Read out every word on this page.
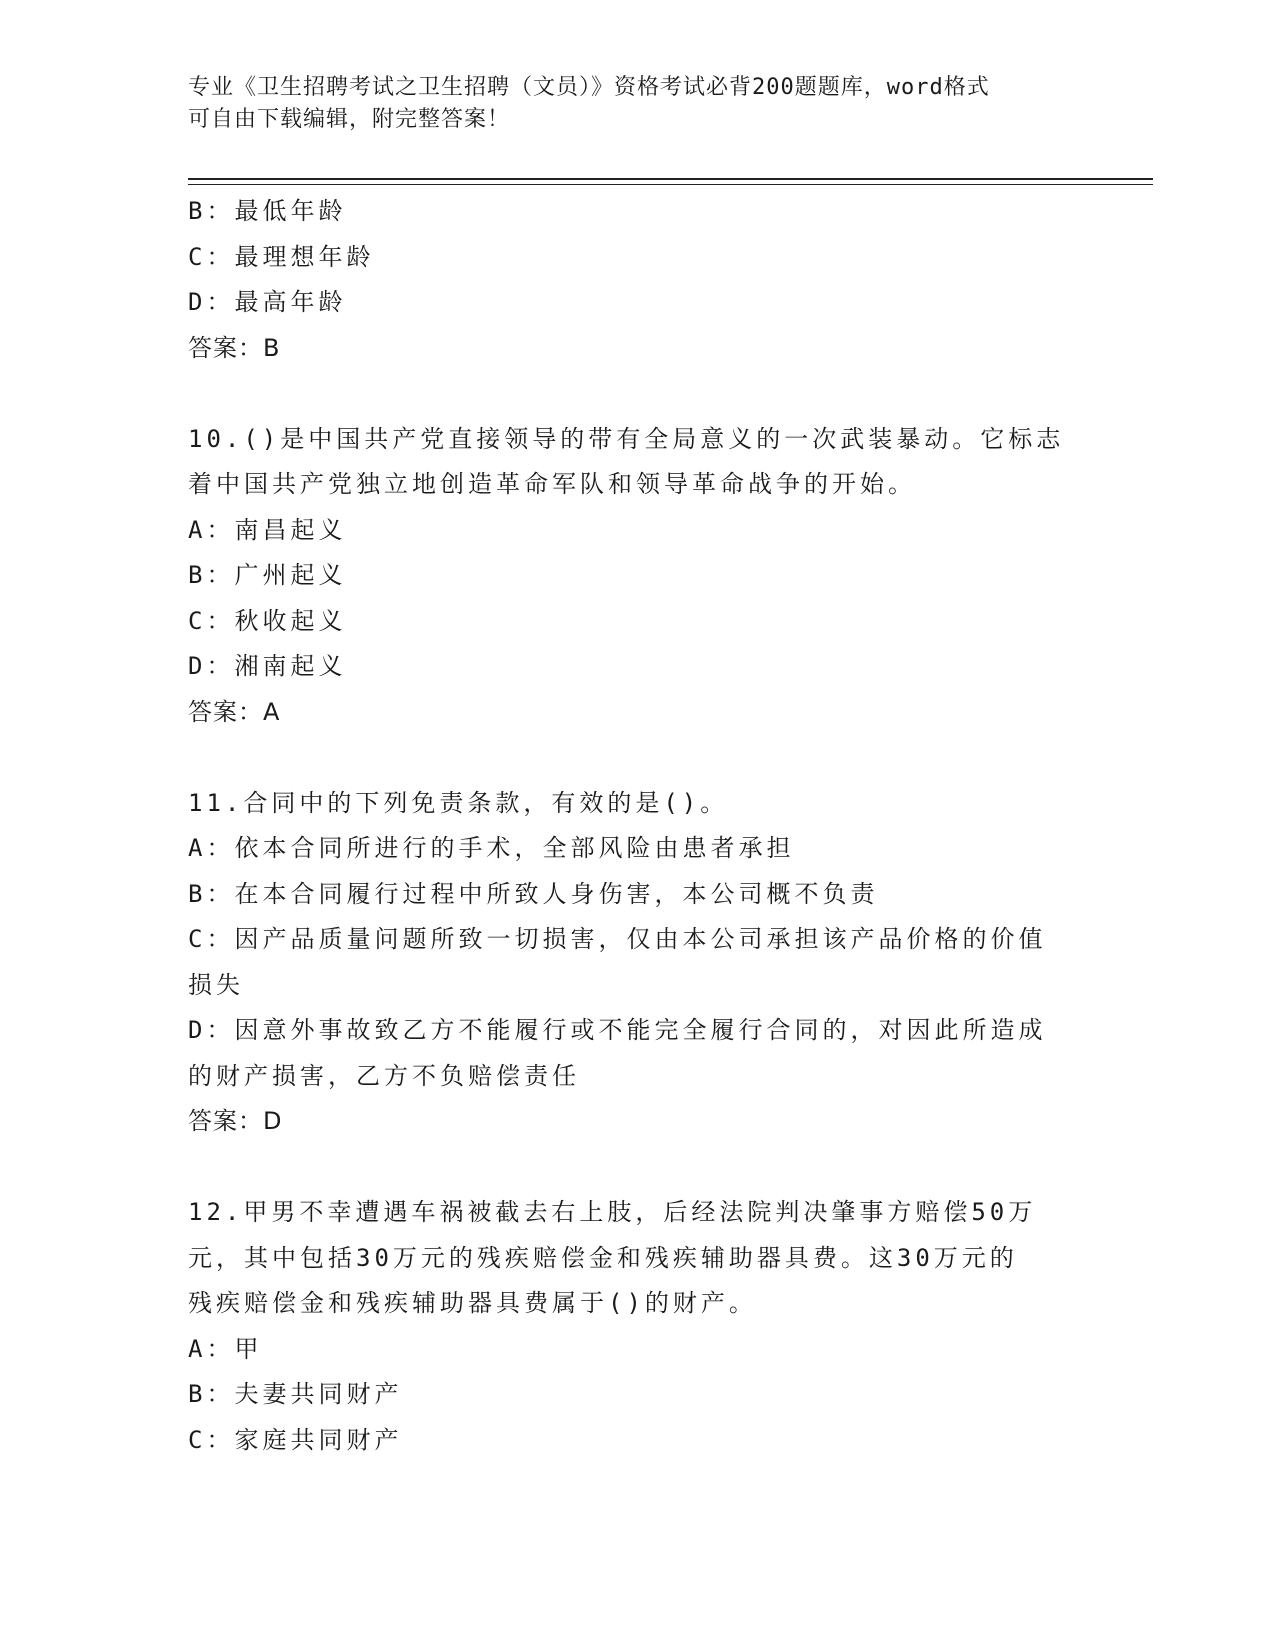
专业《卫生招聘考试之卫生招聘（文员）》资格考试必背200题题库，word格式
可自由下载编辑，附完整答案！
B：最低年龄
C：最理想年龄
D：最高年龄
答案：B
10.()是中国共产党直接领导的带有全局意义的一次武装暴动。它标志
着中国共产党独立地创造革命军队和领导革命战争的开始。
A：南昌起义
B：广州起义
C：秋收起义
D：湘南起义
答案：A
11.合同中的下列免责条款，有效的是()。
A：依本合同所进行的手术，全部风险由患者承担
B：在本合同履行过程中所致人身伤害，本公司概不负责
C：因产品质量问题所致一切损害，仅由本公司承担该产品价格的价值
损失
D：因意外事故致乙方不能履行或不能完全履行合同的，对因此所造成
的财产损害，乙方不负赔偿责任
答案：D
12.甲男不幸遭遇车祸被截去右上肢，后经法院判决肇事方赔偿50万
元，其中包括30万元的残疾赔偿金和残疾辅助器具费。这30万元的
残疾赔偿金和残疾辅助器具费属于()的财产。
A：甲
B：夫妻共同财产
C：家庭共同财产
